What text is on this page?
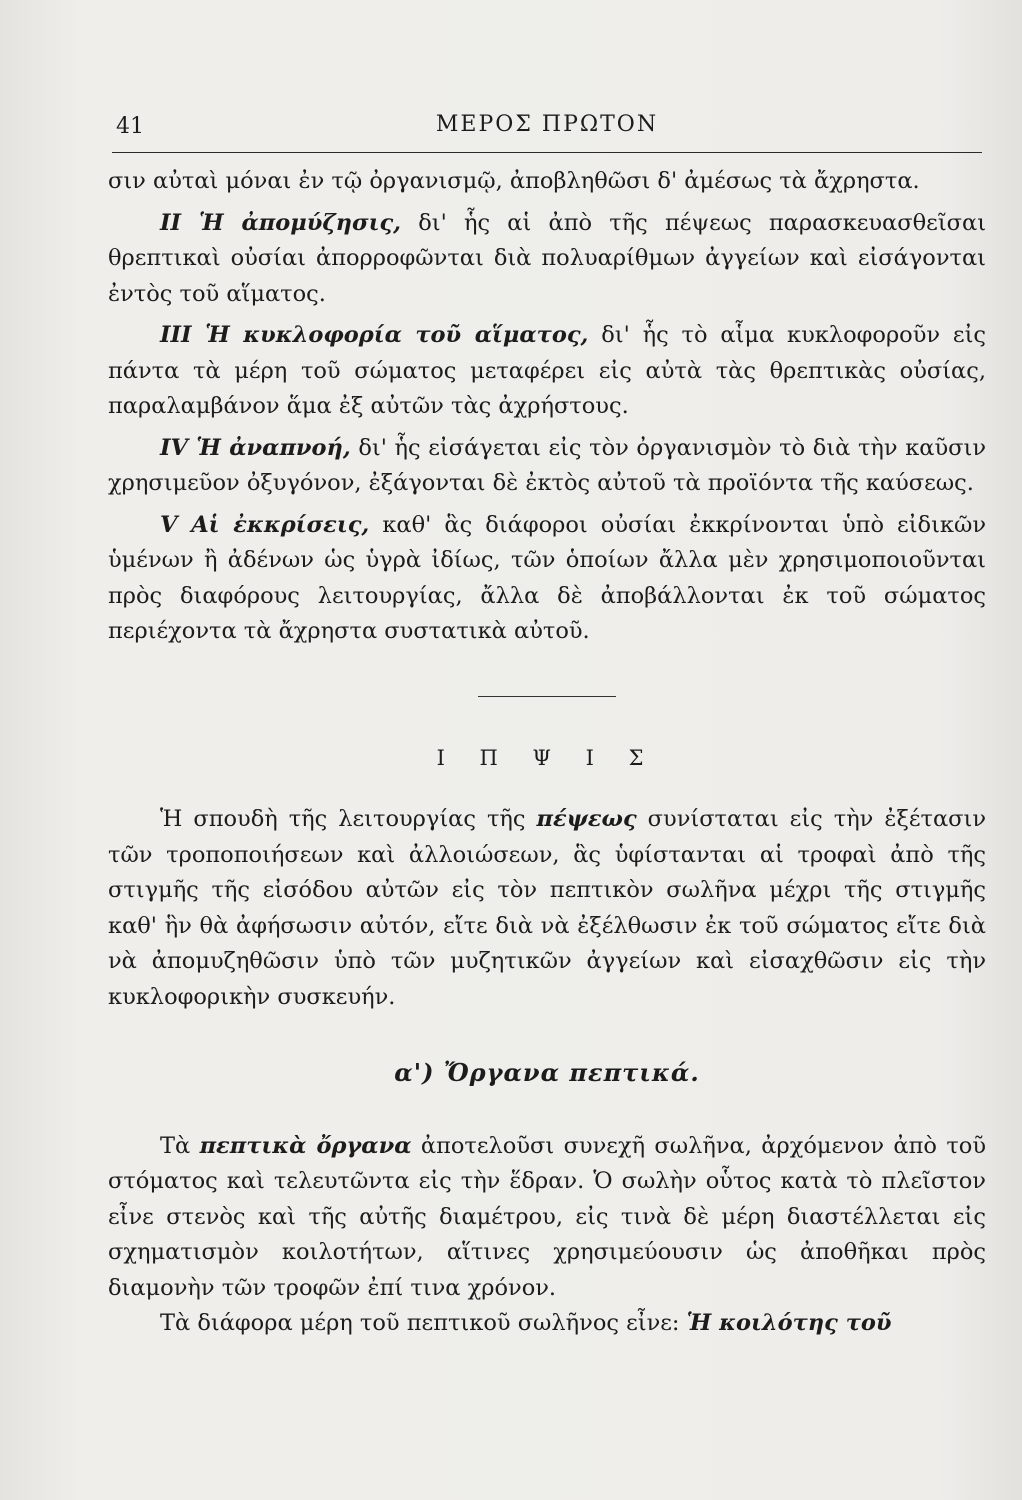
41	ΜΕΡΟΣ ΠΡΩΤΟΝ

σιν αὐταὶ μόναι ἐν τῷ ὀργανισμῷ, ἀποβληθῶσι δ' ἀμέσως τὰ ἄχρηστα.

II Ἡ ἀπομύζησις, δι' ἧς αἱ ἀπὸ τῆς πέψεως παρασκευασθεῖσαι θρεπτικαὶ οὐσίαι ἀπορροφῶνται διὰ πολυαρίθμων ἀγγείων καὶ εἰσάγονται ἐντὸς τοῦ αἵματος.

III Ἡ κυκλοφορία τοῦ αἵματος, δι' ἧς τὸ αἷμα κυκλοφοροῦν εἰς πάντα τὰ μέρη τοῦ σώματος μεταφέρει εἰς αὐτὰ τὰς θρεπτικὰς οὐσίας, παραλαμβάνον ἅμα ἐξ αὐτῶν τὰς ἀχρήστους.

IV Ἡ ἀναπνοή, δι' ἧς εἰσάγεται εἰς τὸν ὀργανισμὸν τὸ διὰ τὴν καῦσιν χρησιμεῦον ὀξυγόνον, ἐξάγονται δὲ ἐκτὸς αὐτοῦ τὰ προϊόντα τῆς καύσεως.

V Αἱ ἐκκρίσεις, καθ' ἃς διάφοροι οὐσίαι ἐκκρίνονται ὑπὸ εἰδικῶν ὑμένων ἢ ἀδένων ὡς ὑγρὰ ἰδίως, τῶν ὁποίων ἄλλα μὲν χρησιμοποιοῦνται πρὸς διαφόρους λειτουργίας, ἄλλα δὲ ἀποβάλλονται ἐκ τοῦ σώματος περιέχοντα τὰ ἄχρηστα συστατικὰ αὐτοῦ.

Ι Π Ψ Ι Σ

Ἡ σπουδὴ τῆς λειτουργίας τῆς πέψεως συνίσταται εἰς τὴν ἐξέτασιν τῶν τροποποιήσεων καὶ ἀλλοιώσεων, ἃς ὑφίστανται αἱ τροφαὶ ἀπὸ τῆς στιγμῆς τῆς εἰσόδου αὐτῶν εἰς τὸν πεπτικὸν σωλῆνα μέχρι τῆς στιγμῆς καθ' ἣν θὰ ἀφήσωσιν αὐτόν, εἴτε διὰ νὰ ἐξέλθωσιν ἐκ τοῦ σώματος εἴτε διὰ νὰ ἀπομυζηθῶσιν ὑπὸ τῶν μυζητικῶν ἀγγείων καὶ εἰσαχθῶσιν εἰς τὴν κυκλοφορικὴν συσκευήν.

α') Ὄργανα πεπτικά.

Τὰ πεπτικὰ ὄργανα ἀποτελοῦσι συνεχῆ σωλῆνα, ἀρχόμενον ἀπὸ τοῦ στόματος καὶ τελευτῶντα εἰς τὴν ἕδραν. Ὁ σωλὴν οὗτος κατὰ τὸ πλεῖστον εἶνε στενὸς καὶ τῆς αὐτῆς διαμέτρου, εἰς τινὰ δὲ μέρη διαστέλλεται εἰς σχηματισμὸν κοιλοτήτων, αἵτινες χρησιμεύουσιν ὡς ἀποθῆκαι πρὸς διαμονὴν τῶν τροφῶν ἐπί τινα χρόνον.

Τὰ διάφορα μέρη τοῦ πεπτικοῦ σωλῆνος εἶνε: Ἡ κοιλότης τοῦ
